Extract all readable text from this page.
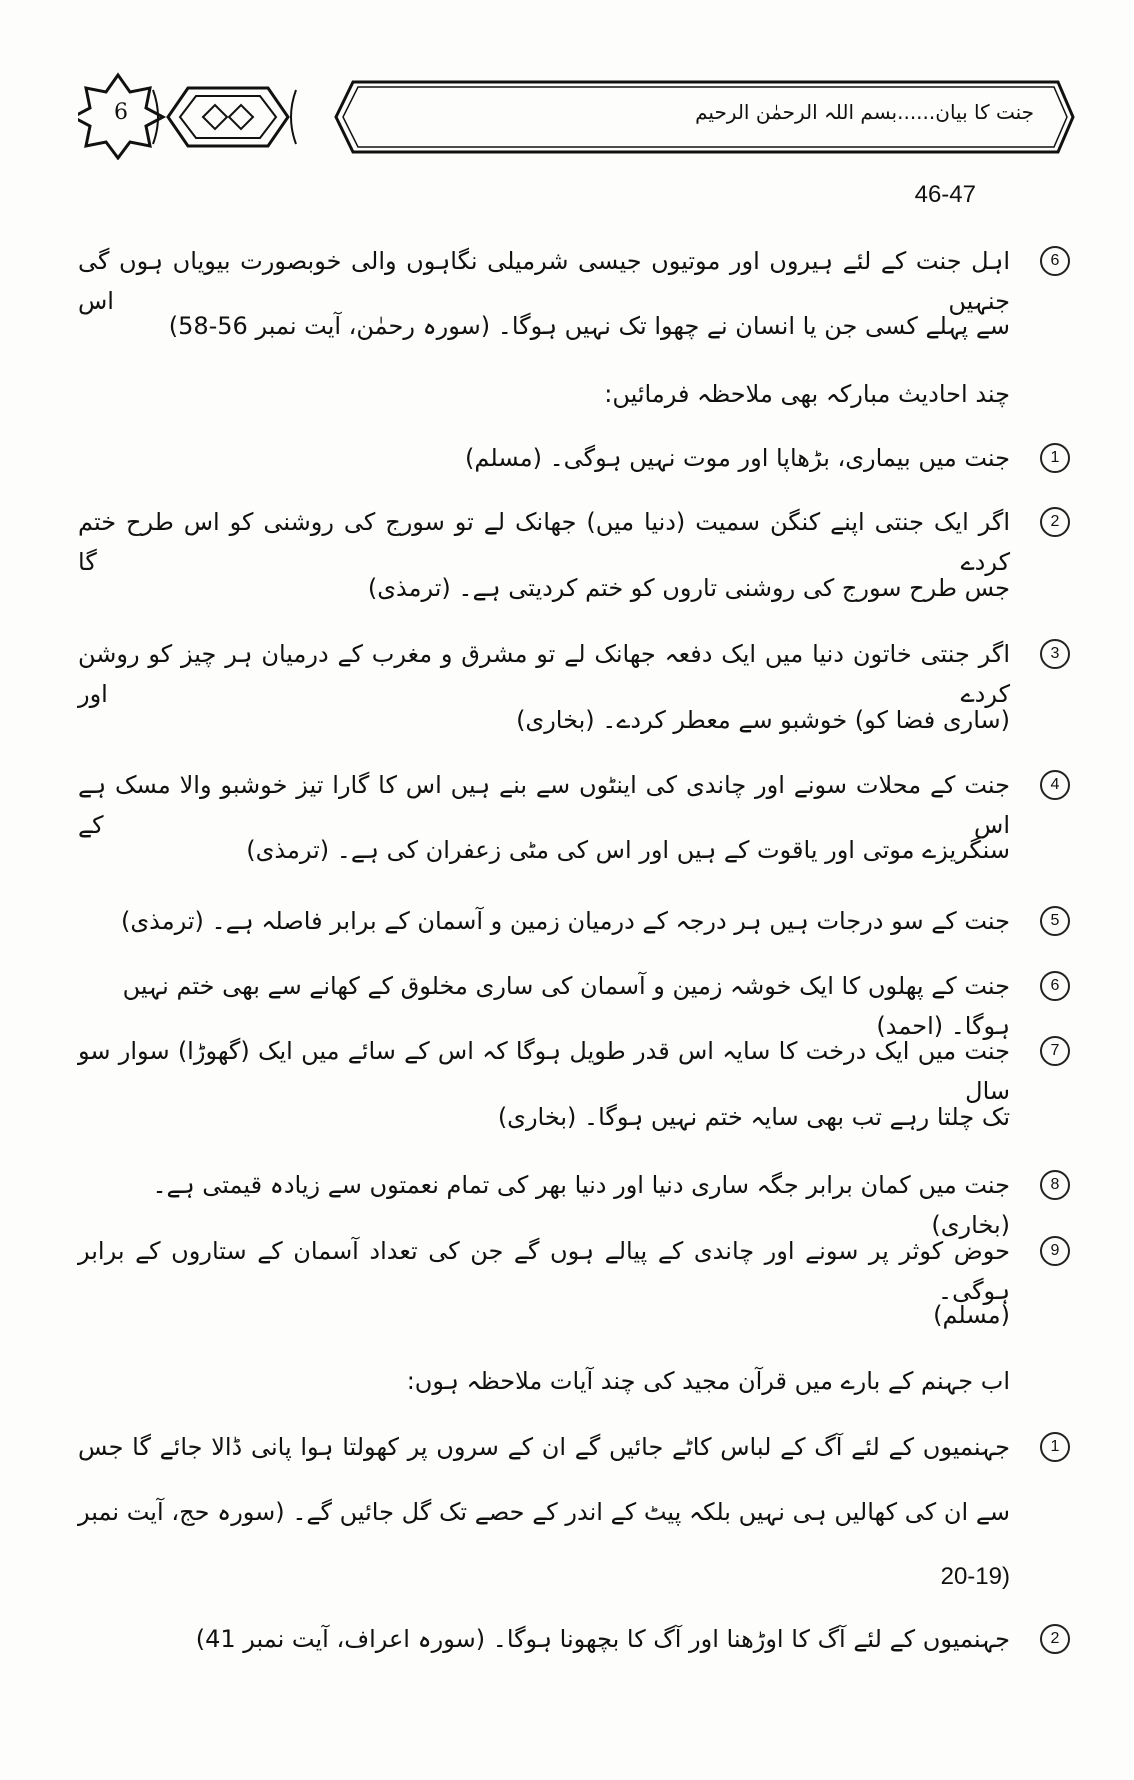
6	جنت کا بیان......بسم اللہ الرحمٰن الرحیم
46-47
6
اہل جنت کے لئے ہیروں اور موتیوں جیسی شرمیلی نگاہوں والی خوبصورت بیویاں ہوں گی جنہیں اس
سے پہلے کسی جن یا انسان نے چھوا تک نہیں ہوگا۔ (سورہ رحمٰن، آیت نمبر 56-58)
چند احادیث مبارکہ بھی ملاحظہ فرمائیں:
1
جنت میں بیماری، بڑھاپا اور موت نہیں ہوگی۔ (مسلم)
2
اگر ایک جنتی اپنے کنگن سمیت (دنیا میں) جھانک لے تو سورج کی روشنی کو اس طرح ختم کردے گا
جس طرح سورج کی روشنی تاروں کو ختم کردیتی ہے۔ (ترمذی)
3
اگر جنتی خاتون دنیا میں ایک دفعہ جھانک لے تو مشرق و مغرب کے درمیان ہر چیز کو روشن کردے اور
(ساری فضا کو) خوشبو سے معطر کردے۔ (بخاری)
4
جنت کے محلات سونے اور چاندی کی اینٹوں سے بنے ہیں اس کا گارا تیز خوشبو والا مسک ہے اس کے
سنگریزے موتی اور یاقوت کے ہیں اور اس کی مٹی زعفران کی ہے۔ (ترمذی)
5
جنت کے سو درجات ہیں ہر درجہ کے درمیان زمین و آسمان کے برابر فاصلہ ہے۔ (ترمذی)
6
جنت کے پھلوں کا ایک خوشہ زمین و آسمان کی ساری مخلوق کے کھانے سے بھی ختم نہیں ہوگا۔ (احمد)
7
جنت میں ایک درخت کا سایہ اس قدر طویل ہوگا کہ اس کے سائے میں ایک (گھوڑا) سوار سو سال
تک چلتا رہے تب بھی سایہ ختم نہیں ہوگا۔ (بخاری)
8
جنت میں کمان برابر جگہ ساری دنیا اور دنیا بھر کی تمام نعمتوں سے زیادہ قیمتی ہے۔ (بخاری)
9
حوض کوثر پر سونے اور چاندی کے پیالے ہوں گے جن کی تعداد آسمان کے ستاروں کے برابر ہوگی۔
(مسلم)
اب جہنم کے بارے میں قرآن مجید کی چند آیات ملاحظہ ہوں:
1
جہنمیوں کے لئے آگ کے لباس کاٹے جائیں گے ان کے سروں پر کھولتا ہوا پانی ڈالا جائے گا جس
سے ان کی کھالیں ہی نہیں بلکہ پیٹ کے اندر کے حصے تک گل جائیں گے۔ (سورہ حج، آیت نمبر
(20-19
2
جہنمیوں کے لئے آگ کا اوڑھنا اور آگ کا بچھونا ہوگا۔ (سورہ اعراف، آیت نمبر 41)
